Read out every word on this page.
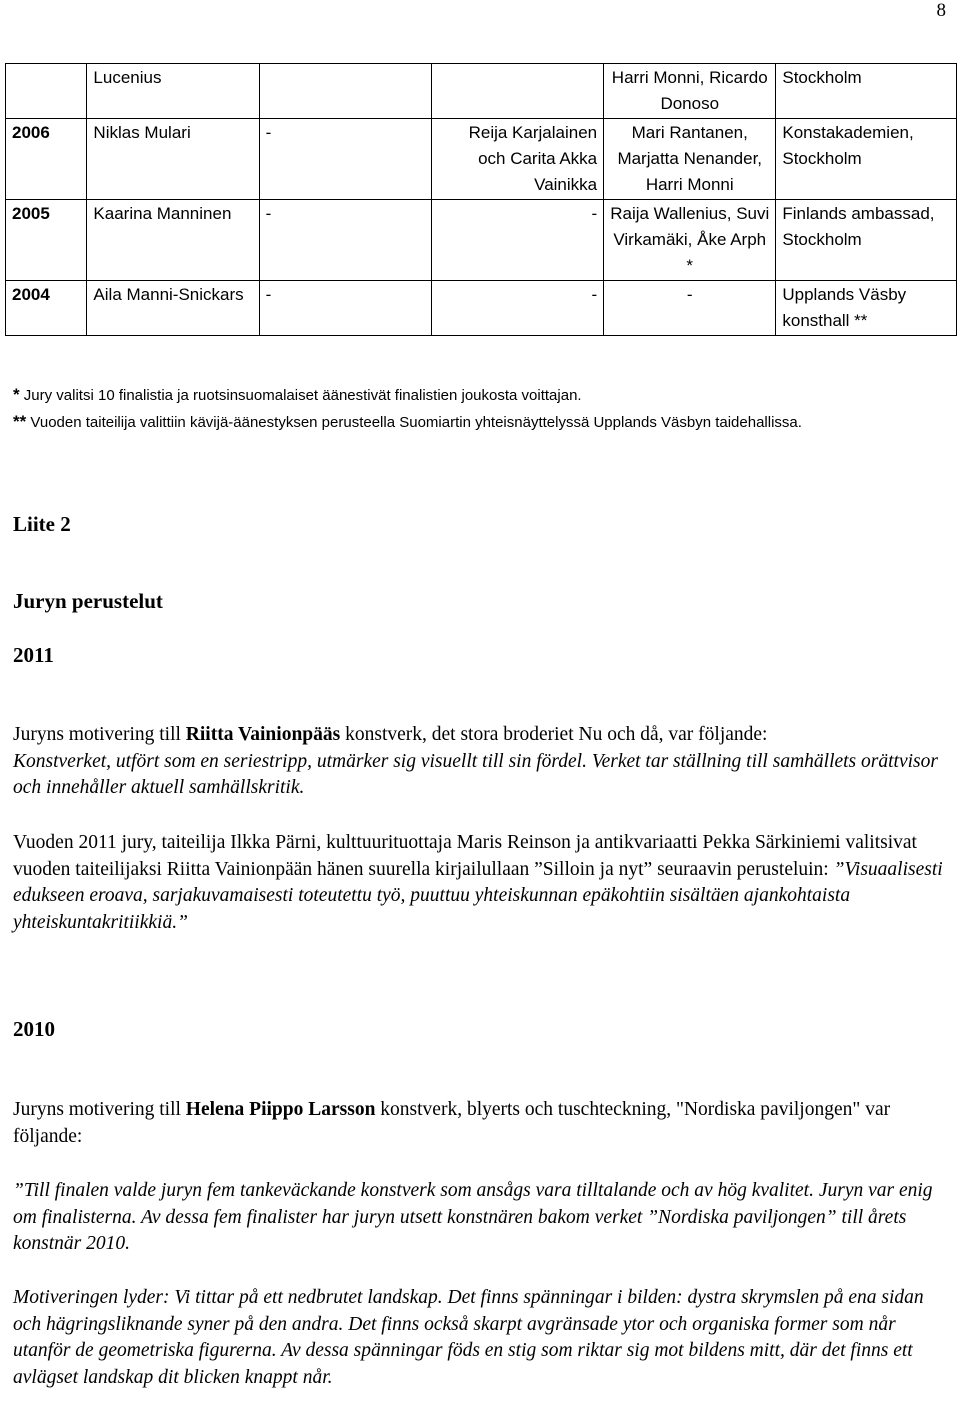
8
	Lucenius			Harri Monni, Ricardo Donoso	Stockholm
2006	Niklas Mulari	-	Reija Karjalainen och Carita Akka Vainikka	Mari Rantanen, Marjatta Nenander, Harri Monni	Konstakademien, Stockholm
2005	Kaarina Manninen	-	-	Raija Wallenius, Suvi Virkamäki, Åke Arph *	Finlands ambassad, Stockholm
2004	Aila Manni-Snickars	-	-	-	Upplands Väsby konsthall **
* Jury valitsi 10 finalistia ja ruotsinsuomalaiset äänestivät finalistien joukosta voittajan.
** Vuoden taiteilija valittiin kävijä-äänestyksen perusteella Suomiartin yhteisnäyttelyssä Upplands Väsbyn taidehallissa.
Liite 2
Juryn perustelut
2011
Juryns motivering till Riitta Vainionpääs konstverk, det stora broderiet Nu och då, var följande:
Konstverket, utfört som en seriestripp, utmärker sig visuellt till sin fördel. Verket tar ställning till samhällets orättvisor och innehåller aktuell samhällskritik.
Vuoden 2011 jury, taiteilija Ilkka Pärni, kulttuurituottaja Maris Reinson ja antikvariaatti Pekka Särkiniemi valitsivat vuoden taiteilijaksi Riitta Vainionpään hänen suurella kirjailullaan ”Silloin ja nyt” seuraavin perusteluin: ”Visuaalisesti edukseen eroava, sarjakuvamaisesti toteutettu työ, puuttuu yhteiskunnan epäkohtiin sisältäen ajankohtaista yhteiskuntakritiikkiä.”
2010
Juryns motivering till Helena Piippo Larsson konstverk, blyerts och tuschteckning, "Nordiska paviljongen" var följande:
”Till finalen valde juryn fem tankeväckande konstverk som ansågs vara tilltalande och av hög kvalitet. Juryn var enig om finalisterna. Av dessa fem finalister har juryn utsett konstnären bakom verket ”Nordiska paviljongen” till årets konstnär 2010.
Motiveringen lyder: Vi tittar på ett nedbrutet landskap. Det finns spänningar i bilden: dystra skrymslen på ena sidan och hägringsliknande syner på den andra. Det finns också skarpt avgränsade ytor och organiska former som når utanför de geometriska figurerna. Av dessa spänningar föds en stig som riktar sig mot bildens mitt, där det finns ett avlägset landskap dit blicken knappt når.
